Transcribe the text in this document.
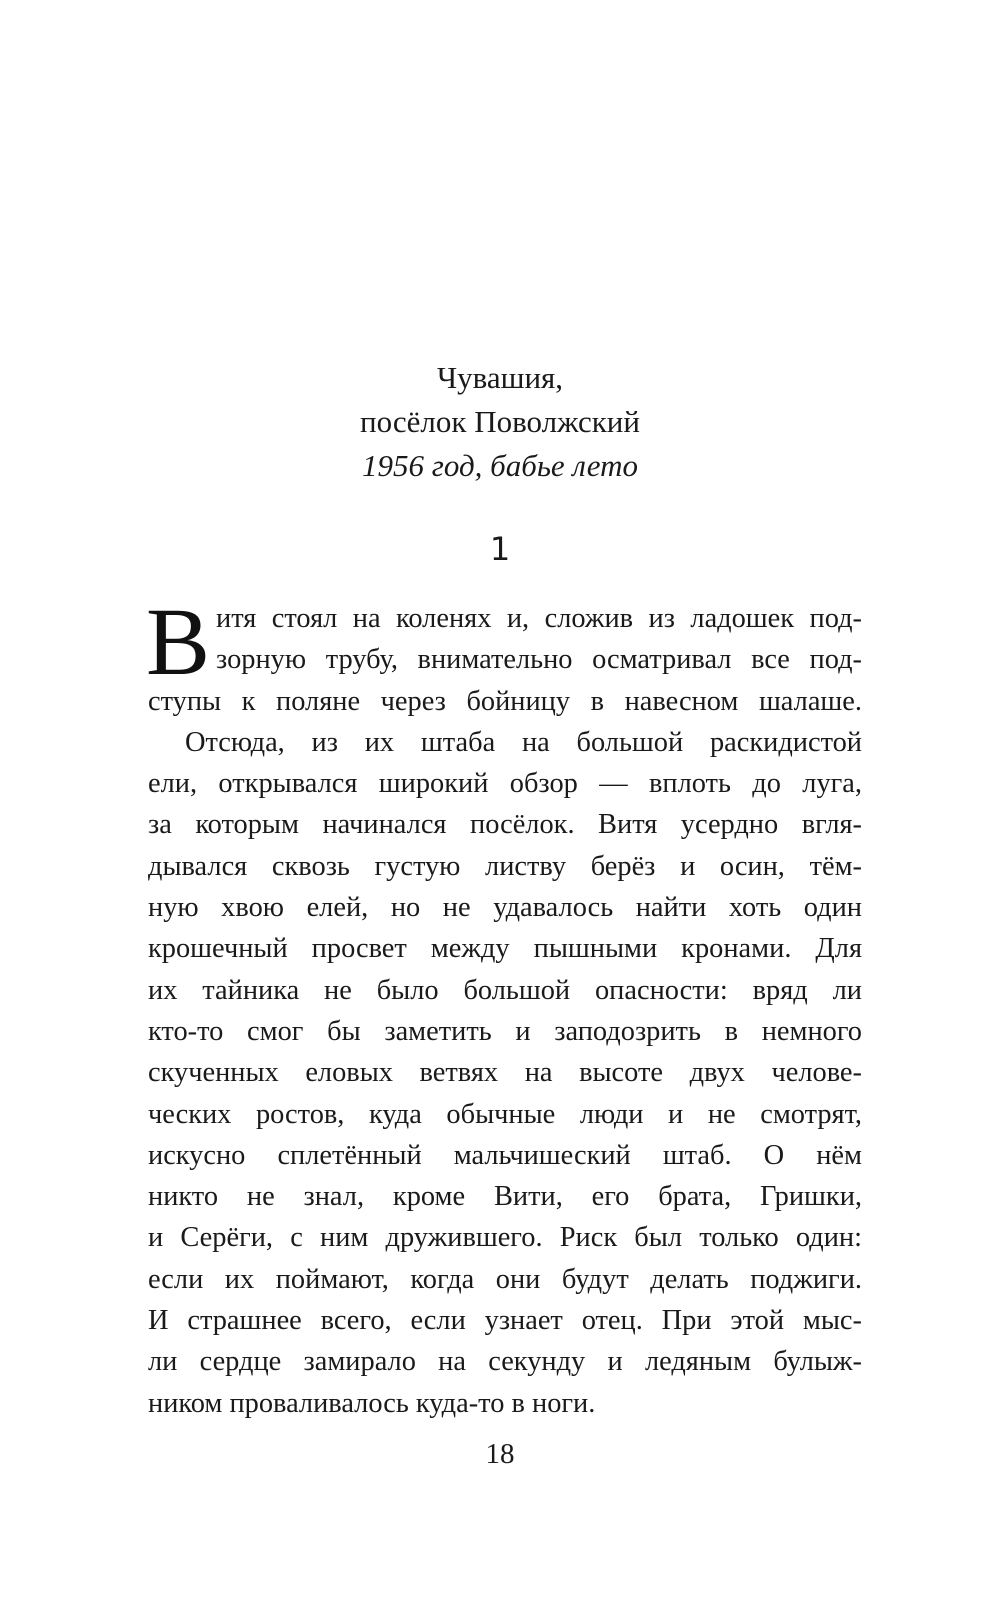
Чувашия,
посёлок Поволжский
1956 год, бабье лето
1
В итя стоял на коленях и, сложив из ладошек под-
зорную трубу, внимательно осматривал все под-
ступы к поляне через бойницу в навесном шалаше.
Отсюда, из их штаба на большой раскидистой
ели, открывался широкий обзор — вплоть до луга,
за которым начинался посёлок. Витя усердно вгля-
дывался сквозь густую листву берёз и осин, тём-
ную хвою елей, но не удавалось найти хоть один
крошечный просвет между пышными кронами. Для
их тайника не было большой опасности: вряд ли
кто-то смог бы заметить и заподозрить в немного
скученных еловых ветвях на высоте двух челове-
ческих ростов, куда обычные люди и не смотрят,
искусно сплетённый мальчишеский штаб. О нём
никто не знал, кроме Вити, его брата, Гришки,
и Серёги, с ним дружившего. Риск был только один:
если их поймают, когда они будут делать поджиги.
И страшнее всего, если узнает отец. При этой мыс-
ли сердце замирало на секунду и ледяным булыж-
ником проваливалось куда-то в ноги.
18
